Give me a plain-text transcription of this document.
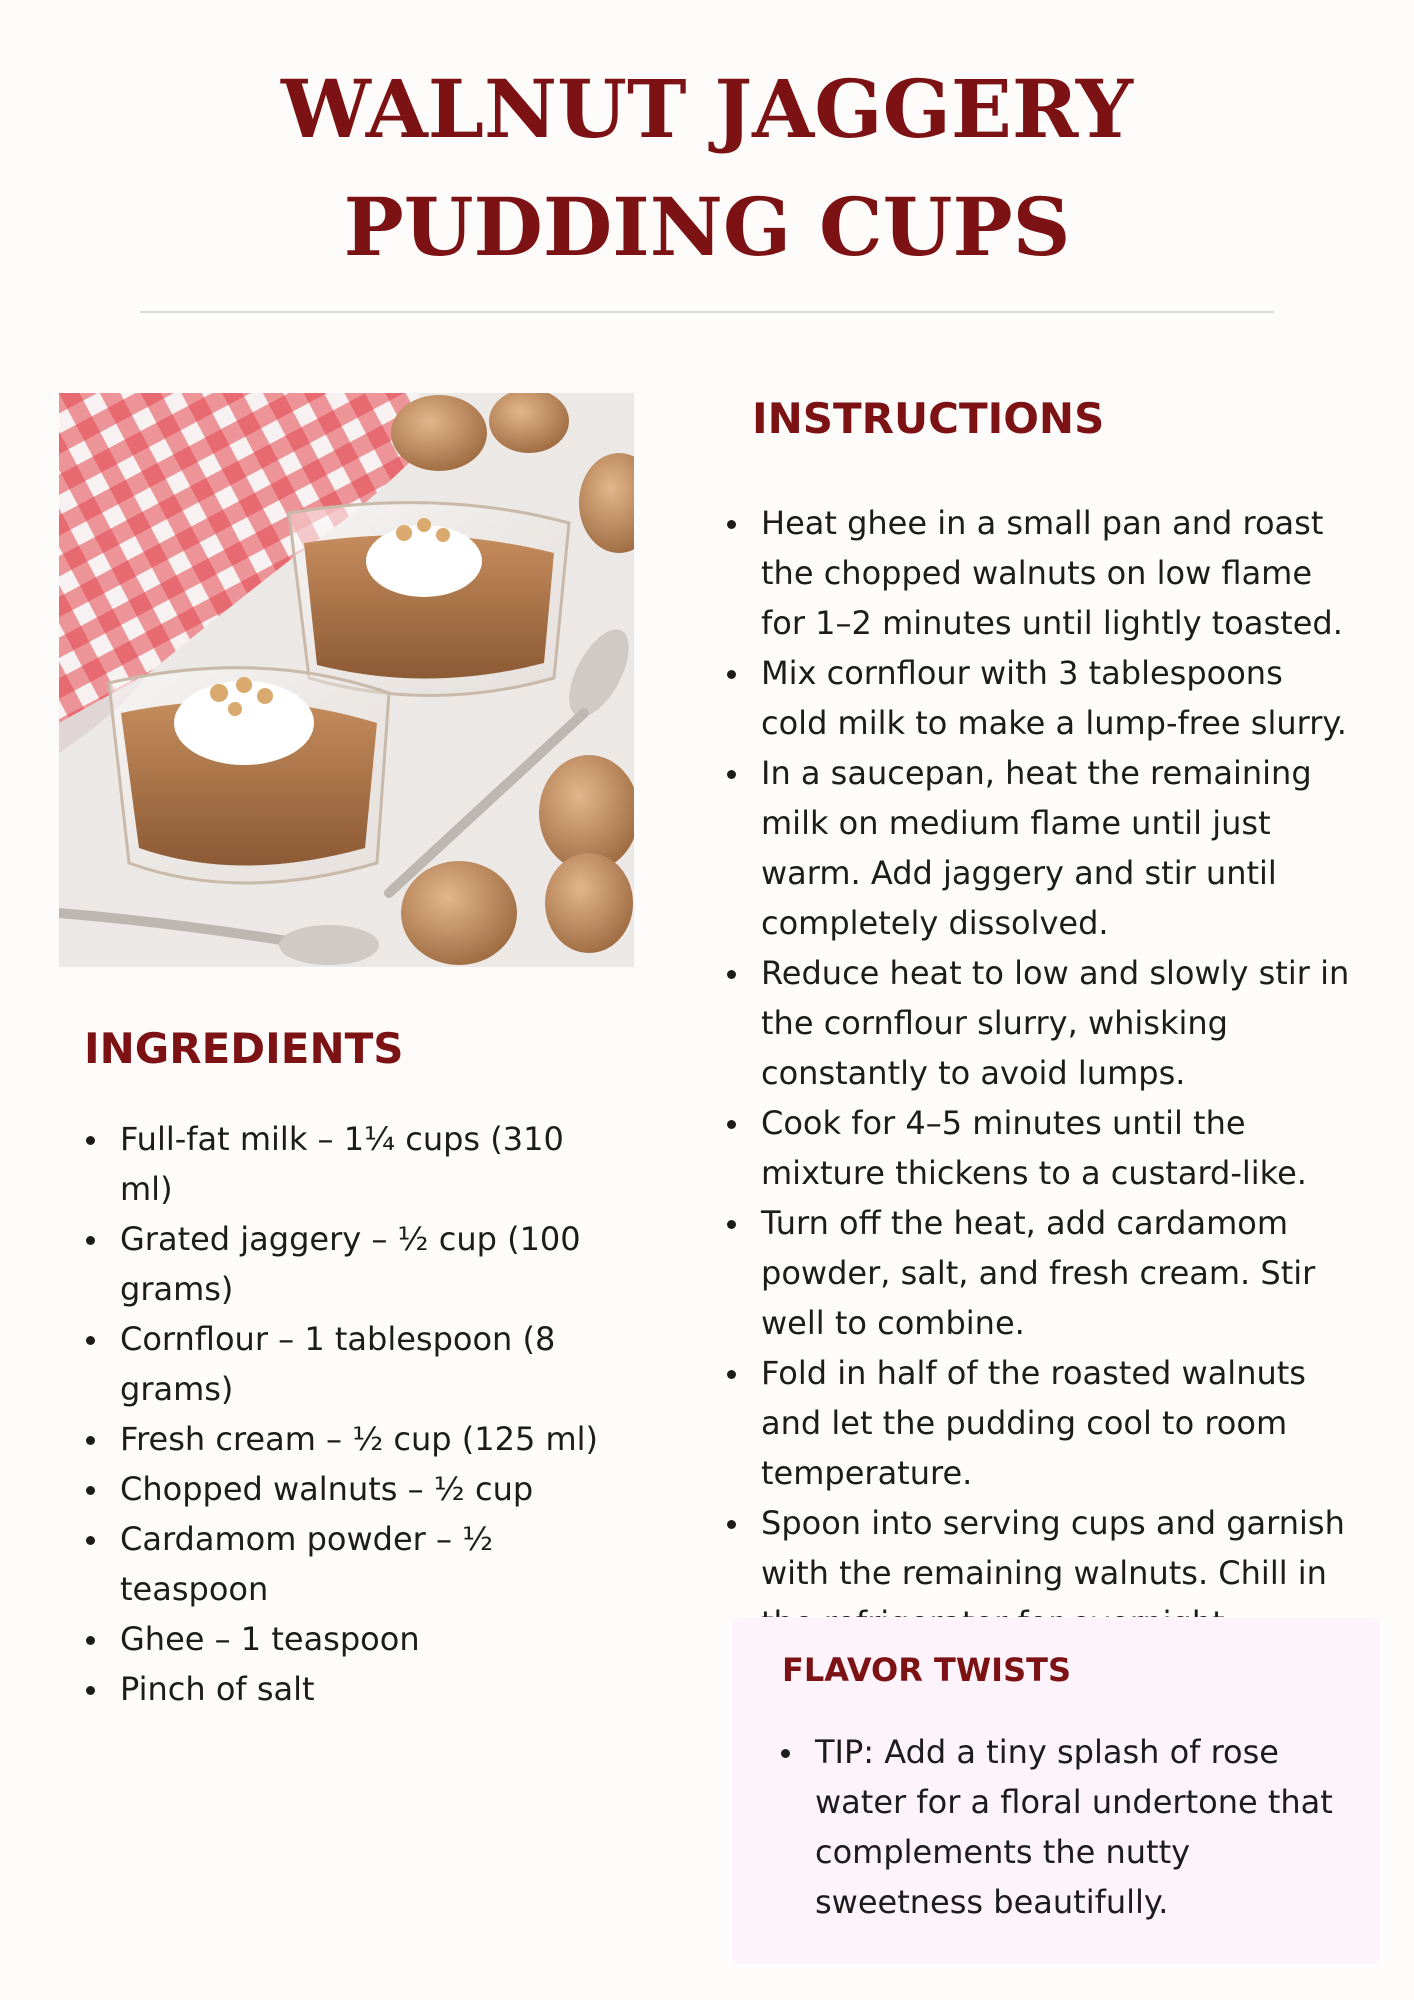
WALNUT JAGGERY
PUDDING CUPS
INGREDIENTS
Full-fat milk – 1¼ cups (310 ml)
Grated jaggery – ½ cup (100 grams)
Cornflour – 1 tablespoon (8 grams)
Fresh cream – ½ cup (125 ml)
Chopped walnuts – ½ cup
Cardamom powder – ½ teaspoon
Ghee – 1 teaspoon
Pinch of salt
INSTRUCTIONS
Heat ghee in a small pan and roast the chopped walnuts on low flame for 1–2 minutes until lightly toasted.
Mix cornflour with 3 tablespoons cold milk to make a lump-free slurry.
In a saucepan, heat the remaining milk on medium flame until just warm. Add jaggery and stir until completely dissolved.
Reduce heat to low and slowly stir in the cornflour slurry, whisking constantly to avoid lumps.
Cook for 4–5 minutes until the mixture thickens to a custard-like.
Turn off the heat, add cardamom powder, salt, and fresh cream. Stir well to combine.
Fold in half of the roasted walnuts and let the pudding cool to room temperature.
Spoon into serving cups and garnish with the remaining walnuts. Chill in
FLAVOR TWISTS
TIP: Add a tiny splash of rose water for a floral undertone that complements the nutty sweetness beautifully.
